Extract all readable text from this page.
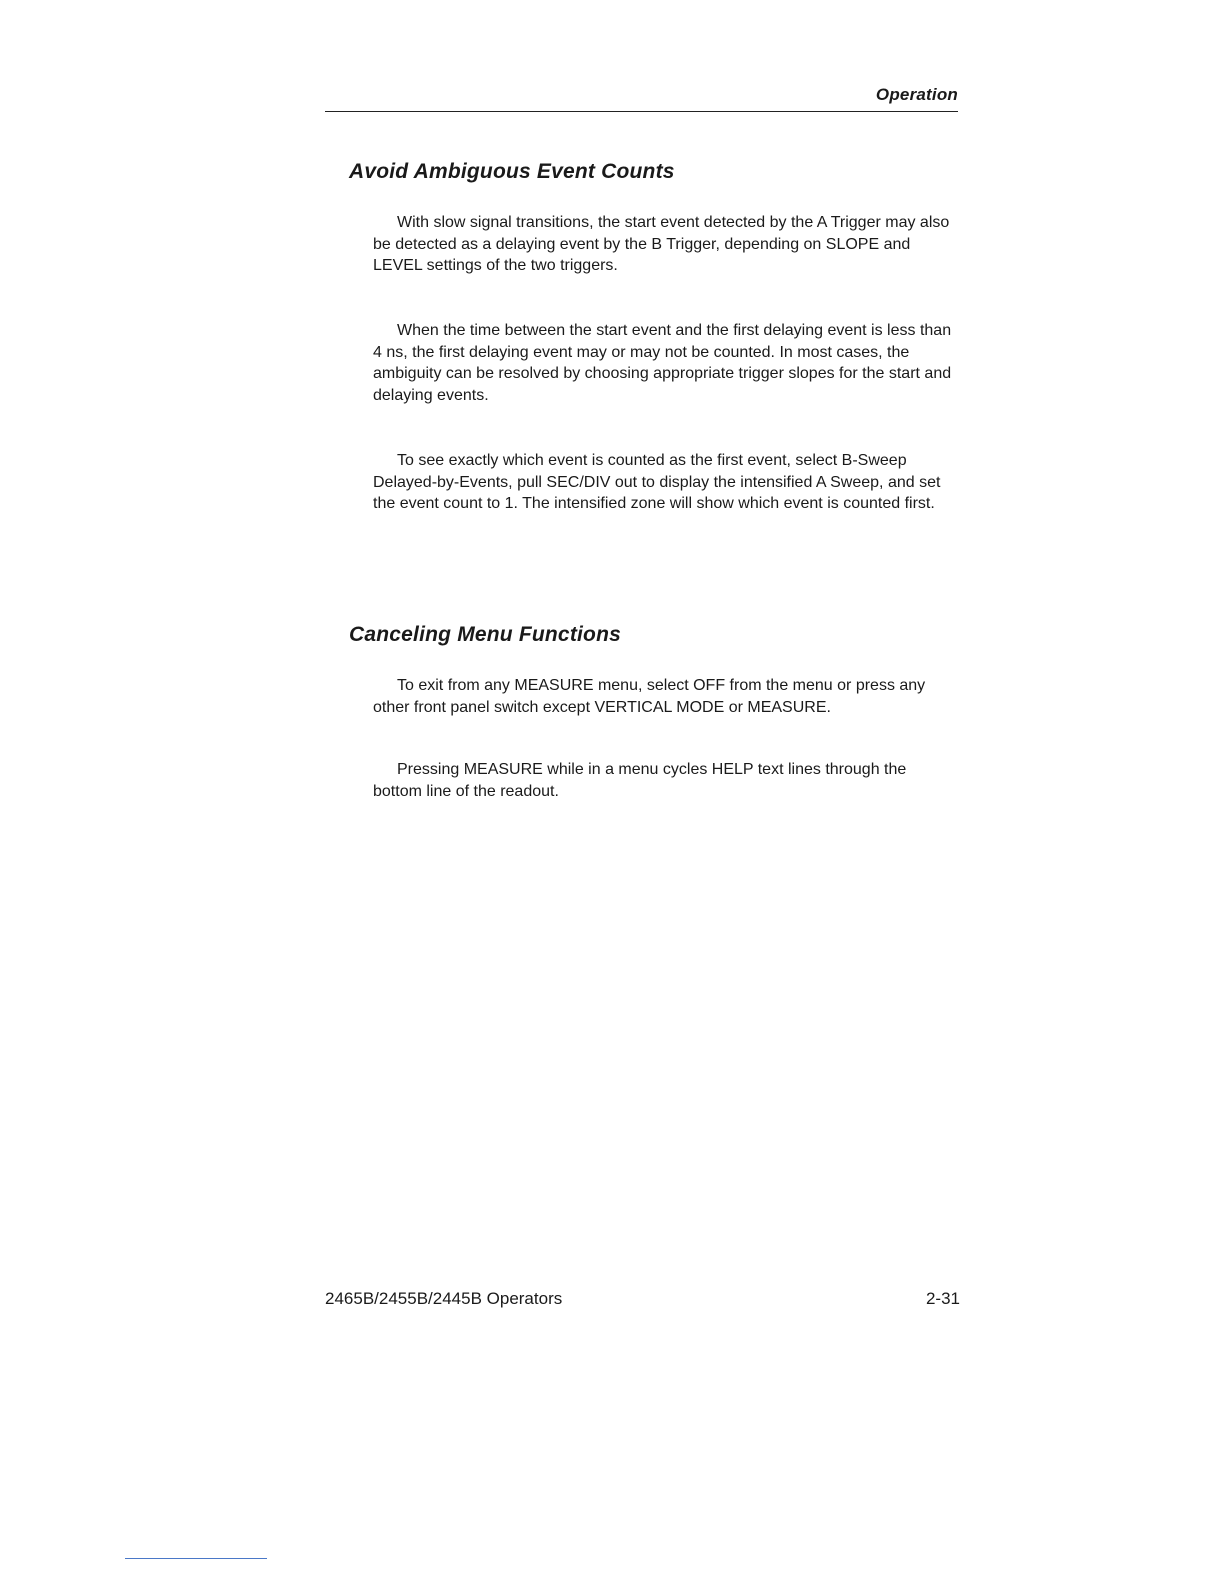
Operation
Avoid Ambiguous Event Counts

With slow signal transitions, the start event detected by the A Trigger may also be detected as a delaying event by the B Trigger, depending on SLOPE and LEVEL settings of the two triggers.

When the time between the start event and the first delaying event is less than 4 ns, the first delaying event may or may not be counted. In most cases, the ambiguity can be resolved by choosing appropriate trigger slopes for the start and delaying events.

To see exactly which event is counted as the first event, select B-Sweep Delayed-by-Events, pull SEC/DIV out to display the intensified A Sweep, and set the event count to 1. The intensified zone will show which event is counted first.

Canceling Menu Functions

To exit from any MEASURE menu, select OFF from the menu or press any other front panel switch except VERTICAL MODE or MEASURE.

Pressing MEASURE while in a menu cycles HELP text lines through the bottom line of the readout.

2465B/2455B/2445B Operators	2-31
